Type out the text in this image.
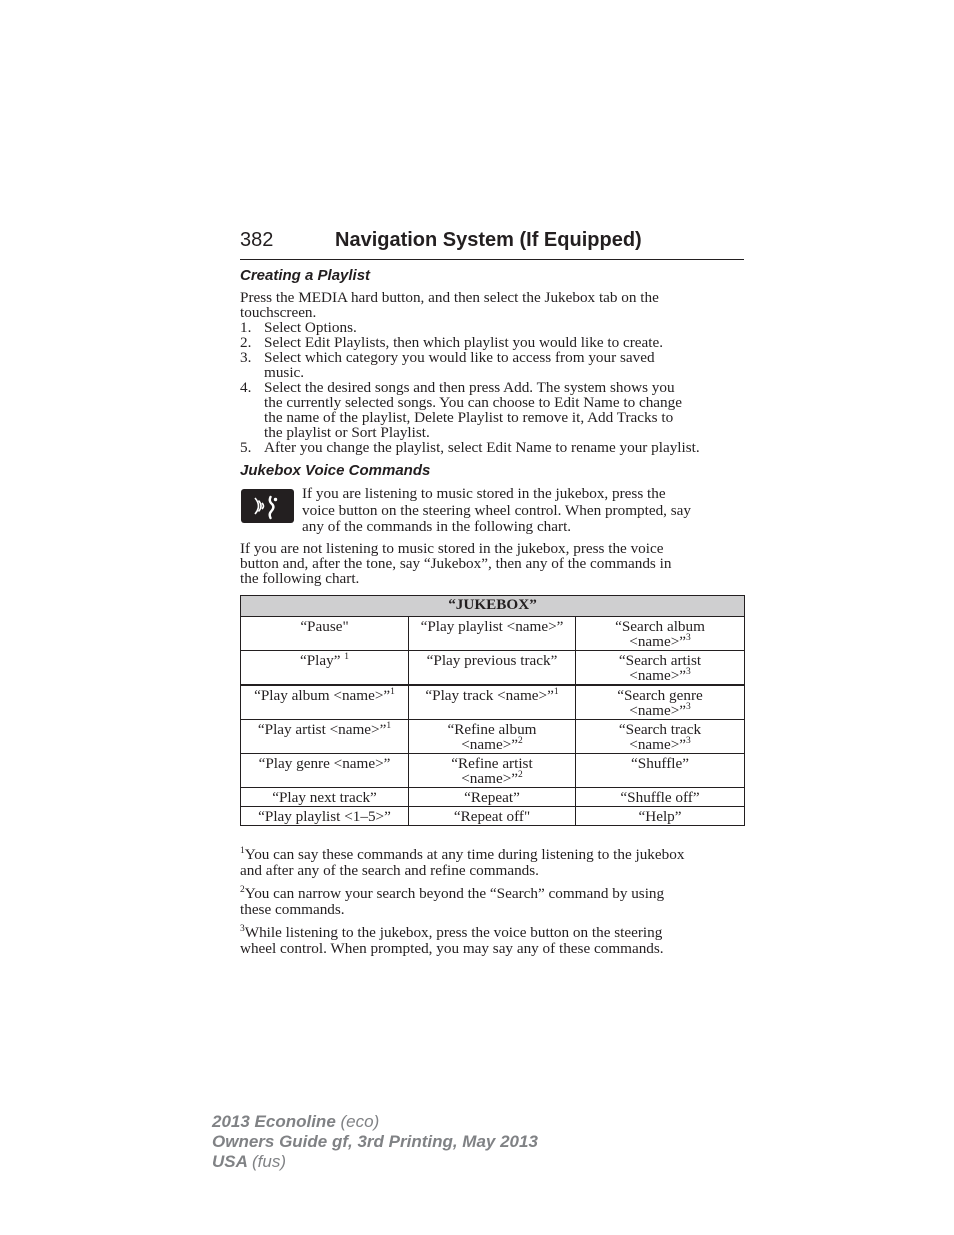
382	Navigation System (If Equipped)
Creating a Playlist
Press the MEDIA hard button, and then select the Jukebox tab on the
touchscreen.
1. Select Options.
2. Select Edit Playlists, then which playlist you would like to create.
3. Select which category you would like to access from your saved
music.
4. Select the desired songs and then press Add. The system shows you
the currently selected songs. You can choose to Edit Name to change
the name of the playlist, Delete Playlist to remove it, Add Tracks to
the playlist or Sort Playlist.
5. After you change the playlist, select Edit Name to rename your playlist.
Jukebox Voice Commands
If you are listening to music stored in the jukebox, press the
voice button on the steering wheel control. When prompted, say
any of the commands in the following chart.
If you are not listening to music stored in the jukebox, press the voice
button and, after the tone, say “Jukebox”, then any of the commands in
the following chart.
“JUKEBOX”		
“Pause"	“Play playlist <name>”	“Search album
<name>”$^3$
“Play” $^1$	“Play previous track”	“Search artist
<name>”$^3$
“Play album <name>”$^1$	“Play track <name>”$^1$	“Search genre
<name>”$^3$
“Play artist <name>”$^1$	“Refine album
<name>”$^2$	“Search track
<name>”$^3$
“Play genre <name>”	“Refine artist
<name>”$^2$	“Shuffle”
“Play next track”	“Repeat”	“Shuffle off”
“Play playlist <1–5>”	“Repeat off"	“Help”
$^1$You can say these commands at any time during listening to the jukebox
and after any of the search and refine commands.
$^2$You can narrow your search beyond the “Search” command by using
these commands.
$^3$While listening to the jukebox, press the voice button on the steering
wheel control. When prompted, you may say any of these commands.
2013 Econoline (eco)
Owners Guide gf, 3rd Printing, May 2013
USA (fus)
